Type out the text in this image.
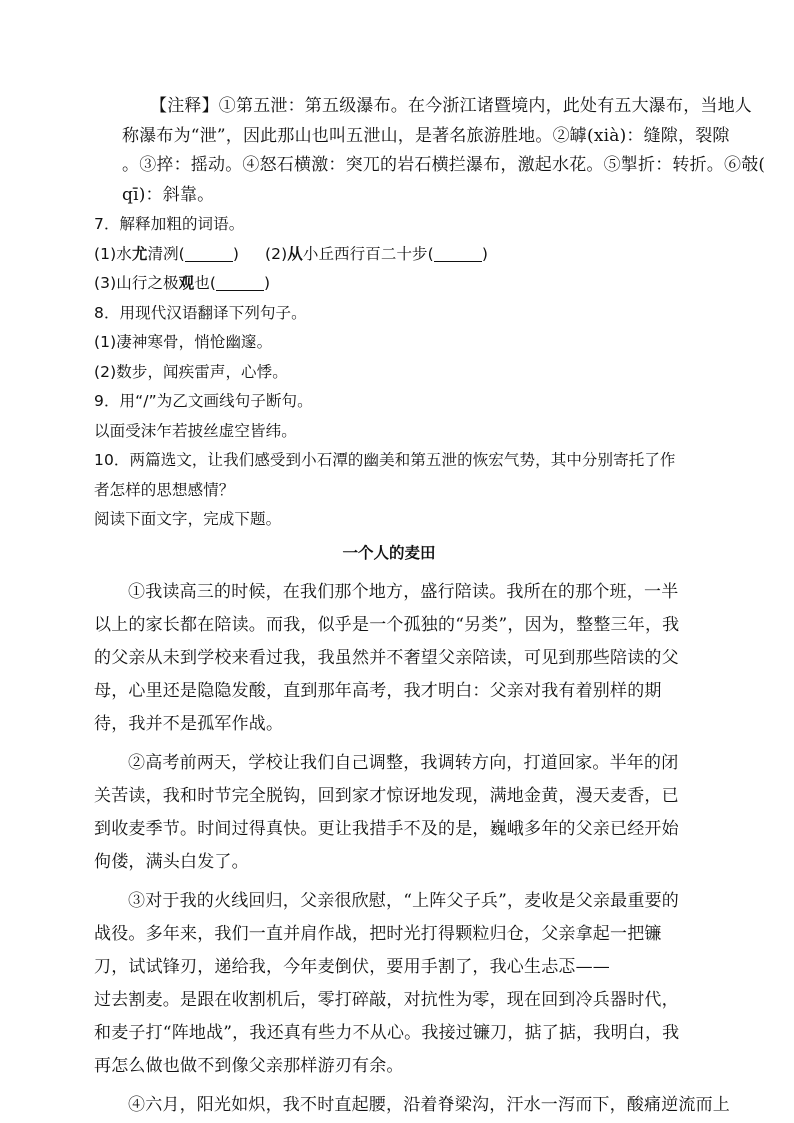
【注释】①第五泄：第五级瀑布。在今浙江诸暨境内，此处有五大瀑布，当地人
称瀑布为“泄”，因此那山也叫五泄山，是著名旅游胜地。②罅(xià)：缝隙，裂隙
。③捽：摇动。④怒石横激：突兀的岩石横拦瀑布，激起水花。⑤掣折：转折。⑥攲(
qī)：斜靠。

7．解释加粗的词语。

(1)水尤清冽(	) (2)从小丘西行百二十步(	)

(3)山行之极观也(	)

8．用现代汉语翻译下列句子。

(1)凄神寒骨，悄怆幽邃。

(2)数步，闻疾雷声，心悸。

9．用“/”为乙文画线句子断句。

以面受沫乍若披丝虚空皆纬。

10．两篇选文，让我们感受到小石潭的幽美和第五泄的恢宏气势，其中分别寄托了作

者怎样的思想感情？

阅读下面文字，完成下题。

一个人的麦田

①我读高三的时候，在我们那个地方，盛行陪读。我所在的那个班，一半以上的家长都在陪读。而我，似乎是一个孤独的“另类”，因为，整整三年，我的父亲从未到学校来看过我，我虽然并不奢望父亲陪读，可见到那些陪读的父母，心里还是隐隐发酸，直到那年高考，我才明白：父亲对我有着别样的期待，我并不是孤军作战。

②高考前两天，学校让我们自己调整，我调转方向，打道回家。半年的闭关苦读，我和时节完全脱钩，回到家才惊讶地发现，满地金黄，漫天麦香，已到收麦季节。时间过得真快。更让我措手不及的是，巍峨多年的父亲已经开始佝偻，满头白发了。

③对于我的火线回归，父亲很欣慰，“上阵父子兵”，麦收是父亲最重要的战役。多年来，我们一直并肩作战，把时光打得颗粒归仓，父亲拿起一把镰刀，试试锋刃，递给我，今年麦倒伏，要用手割了，我心生忐忑——

过去割麦。是跟在收割机后，零打碎敲，对抗性为零，现在回到冷兵器时代，和麦子打“阵地战”，我还真有些力不从心。我接过镰刀，掂了掂，我明白，我再怎么做也做不到像父亲那样游刃有余。

④六月，阳光如炽，我不时直起腰，沿着脊梁沟，汗水一泻而下，酸痛逆流而上
